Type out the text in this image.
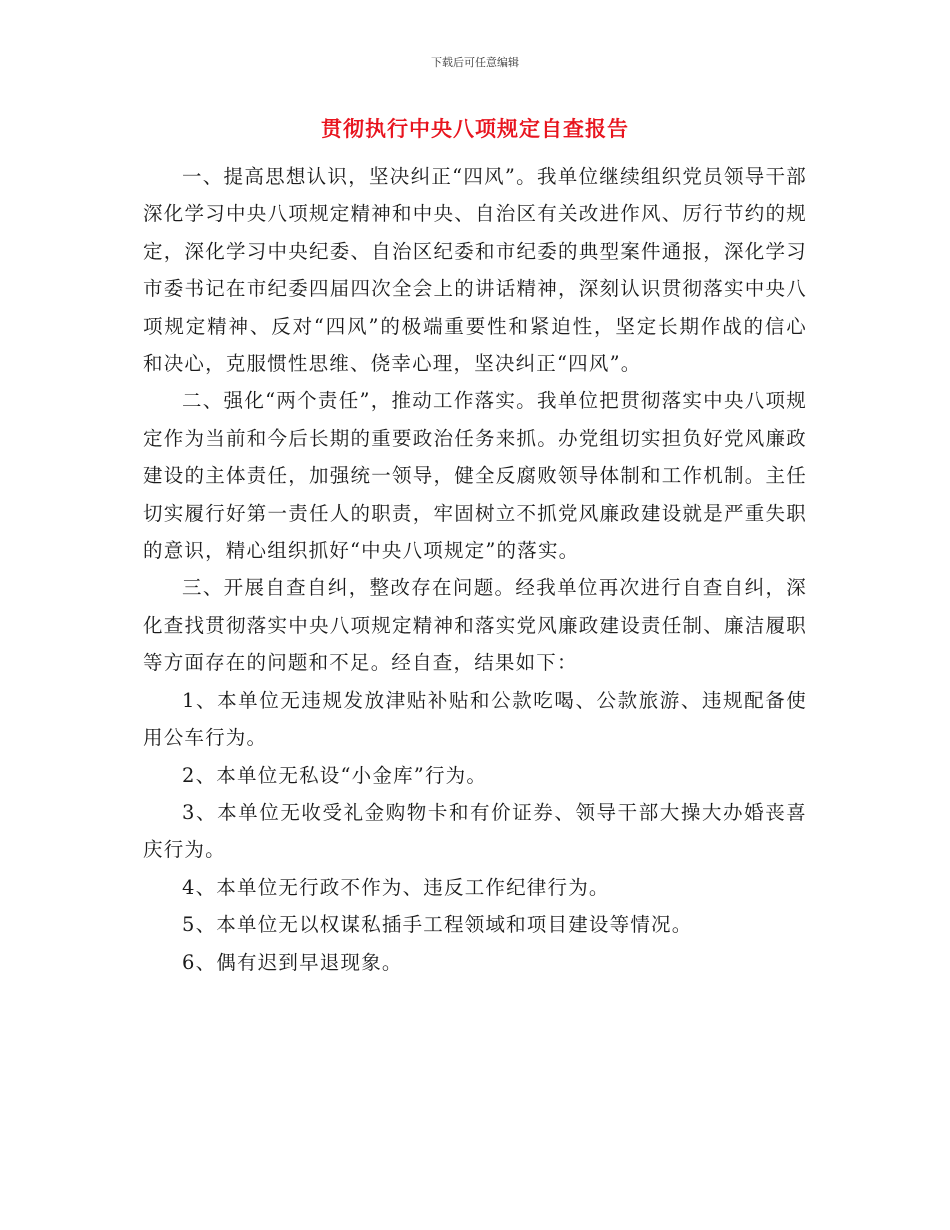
下载后可任意编辑
贯彻执行中央八项规定自查报告

一、提高思想认识，坚决纠正“四风”。我单位继续组织党员领导干部深化学习中央八项规定精神和中央、自治区有关改进作风、厉行节约的规定，深化学习中央纪委、自治区纪委和市纪委的典型案件通报，深化学习市委书记在市纪委四届四次全会上的讲话精神，深刻认识贯彻落实中央八项规定精神、反对“四风”的极端重要性和紧迫性，坚定长期作战的信心和决心，克服惯性思维、侥幸心理，坚决纠正“四风”。

二、强化“两个责任”，推动工作落实。我单位把贯彻落实中央八项规定作为当前和今后长期的重要政治任务来抓。办党组切实担负好党风廉政建设的主体责任，加强统一领导，健全反腐败领导体制和工作机制。主任切实履行好第一责任人的职责，牢固树立不抓党风廉政建设就是严重失职的意识，精心组织抓好“中央八项规定”的落实。

三、开展自查自纠，整改存在问题。经我单位再次进行自查自纠，深化查找贯彻落实中央八项规定精神和落实党风廉政建设责任制、廉洁履职等方面存在的问题和不足。经自查，结果如下：

1、本单位无违规发放津贴补贴和公款吃喝、公款旅游、违规配备使用公车行为。

2、本单位无私设“小金库”行为。

3、本单位无收受礼金购物卡和有价证券、领导干部大操大办婚丧喜庆行为。

4、本单位无行政不作为、违反工作纪律行为。

5、本单位无以权谋私插手工程领域和项目建设等情况。

6、偶有迟到早退现象。
